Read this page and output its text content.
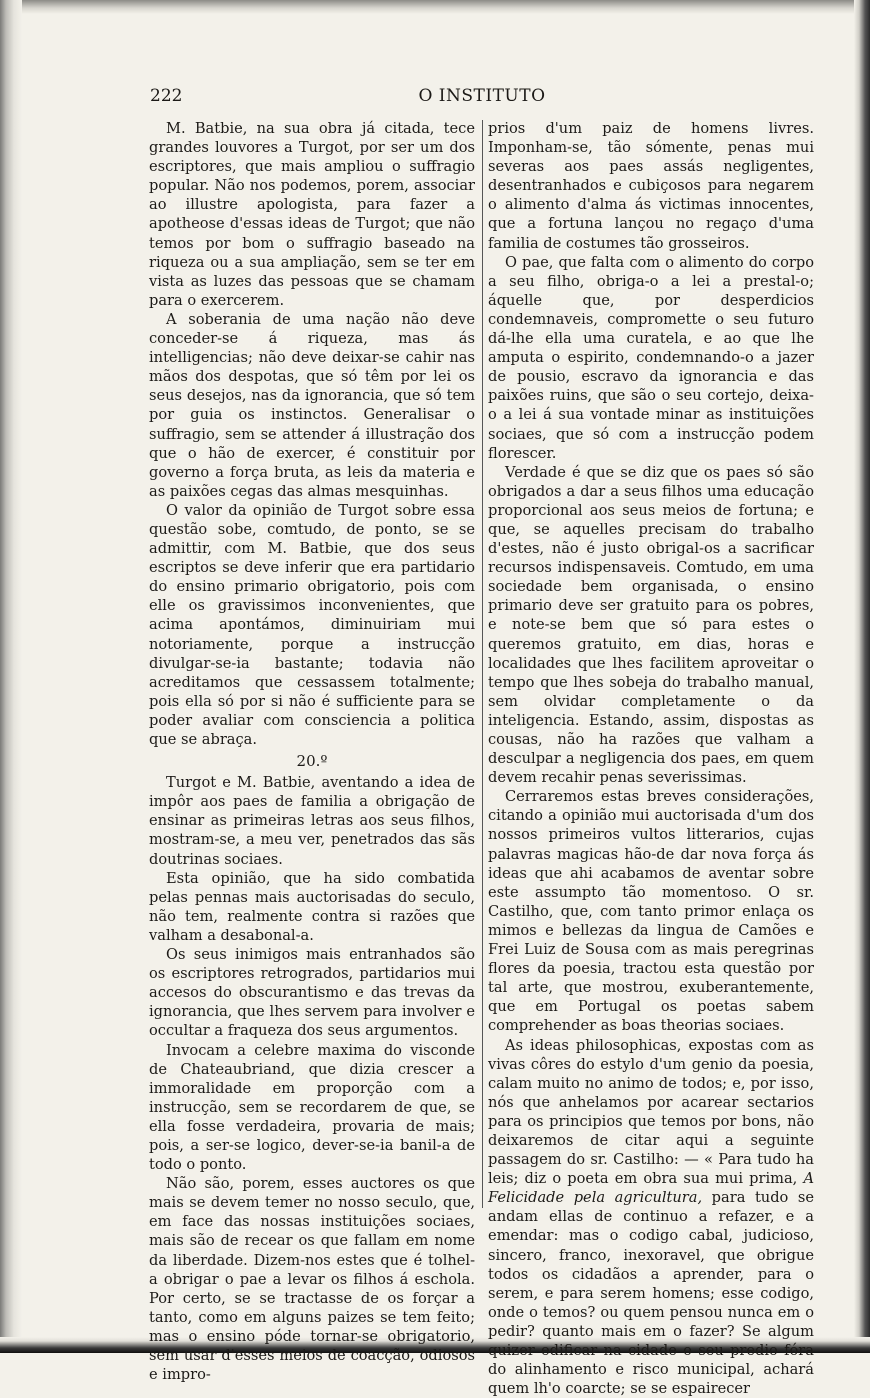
222	O INSTITUTO

M. Batbie, na sua obra já citada, tece grandes louvores a Turgot, por ser um dos escriptores, que mais ampliou o suffragio popular. Não nos podemos, porem, associar ao illustre apologista, para fazer a apotheose d'essas ideas de Turgot; que não temos por bom o suffragio baseado na riqueza ou a sua ampliação, sem se ter em vista as luzes das pessoas que se chamam para o exercerem.

A soberania de uma nação não deve conceder-se á riqueza, mas ás intelligencias; não deve deixar-se cahir nas mãos dos despotas, que só têm por lei os seus desejos, nas da ignorancia, que só tem por guia os instinctos. Generalisar o suffragio, sem se attender á illustração dos que o hão de exercer, é constituir por governo a força bruta, as leis da materia e as paixões cegas das almas mesquinhas.

O valor da opinião de Turgot sobre essa questão sobe, comtudo, de ponto, se se admittir, com M. Batbie, que dos seus escriptos se deve inferir que era partidario do ensino primario obrigatorio, pois com elle os gravissimos inconvenientes, que acima apontámos, diminuiriam mui notoriamente, porque a instrucção divulgar-se-ia bastante; todavia não acreditamos que cessassem totalmente; pois ella só por si não é sufficiente para se poder avaliar com consciencia a politica que se abraça.

20.º

Turgot e M. Batbie, aventando a idea de impôr aos paes de familia a obrigação de ensinar as primeiras letras aos seus filhos, mostram-se, a meu ver, penetrados das sãs doutrinas sociaes.

Esta opinião, que ha sido combatida pelas pennas mais auctorisadas do seculo, não tem, realmente contra si razões que valham a desabonal-a.

Os seus inimigos mais entranhados são os escriptores retrogrados, partidarios mui accesos do obscurantismo e das trevas da ignorancia, que lhes servem para involver e occultar a fraqueza dos seus argumentos.

Invocam a celebre maxima do visconde de Chateaubriand, que dizia crescer a immoralidade em proporção com a instrucção, sem se recordarem de que, se ella fosse verdadeira, provaria de mais; pois, a ser-se logico, dever-se-ia banil-a de todo o ponto.

Não são, porem, esses auctores os que mais se devem temer no nosso seculo, que, em face das nossas instituições sociaes, mais são de recear os que fallam em nome da liberdade. Dizem-nos estes que é tolhel-a obrigar o pae a levar os filhos á eschola. Por certo, se se tractasse de os forçar a tanto, como em alguns paizes se tem feito; mas o ensino póde tornar-se obrigatorio, sem usar d'esses meios de coacção, odiosos e impro-

prios d'um paiz de homens livres. Imponham-se, tão sómente, penas mui severas aos paes assás negligentes, desentranhados e cubiçosos para negarem o alimento d'alma ás victimas innocentes, que a fortuna lançou no regaço d'uma familia de costumes tão grosseiros.

O pae, que falta com o alimento do corpo a seu filho, obriga-o a lei a prestal-o; áquelle que, por desperdicios condemnaveis, compromette o seu futuro dá-lhe ella uma curatela, e ao que lhe amputa o espirito, condemnando-o a jazer de pousio, escravo da ignorancia e das paixões ruins, que são o seu cortejo, deixa-o a lei á sua vontade minar as instituições sociaes, que só com a instrucção podem florescer.

Verdade é que se diz que os paes só são obrigados a dar a seus filhos uma educação proporcional aos seus meios de fortuna; e que, se aquelles precisam do trabalho d'estes, não é justo obrigal-os a sacrificar recursos indispensaveis. Comtudo, em uma sociedade bem organisada, o ensino primario deve ser gratuito para os pobres, e note-se bem que só para estes o queremos gratuito, em dias, horas e localidades que lhes facilitem aproveitar o tempo que lhes sobeja do trabalho manual, sem olvidar completamente o da inteligencia. Estando, assim, dispostas as cousas, não ha razões que valham a desculpar a negligencia dos paes, em quem devem recahir penas severissimas.

Cerraremos estas breves considerações, citando a opinião mui auctorisada d'um dos nossos primeiros vultos litterarios, cujas palavras magicas hão-de dar nova força ás ideas que ahi acabamos de aventar sobre este assumpto tão momentoso. O sr. Castilho, que, com tanto primor enlaça os mimos e bellezas da lingua de Camões e Frei Luiz de Sousa com as mais peregrinas flores da poesia, tractou esta questão por tal arte, que mostrou, exuberantemente, que em Portugal os poetas sabem comprehender as boas theorias sociaes.

As ideas philosophicas, expostas com as vivas côres do estylo d'um genio da poesia, calam muito no animo de todos; e, por isso, nós que anhelamos por acarear sectarios para os principios que temos por bons, não deixaremos de citar aqui a seguinte passagem do sr. Castilho: — « Para tudo ha leis; diz o poeta em obra sua mui prima, A Felicidade pela agricultura, para tudo se andam ellas de continuo a refazer, e a emendar: mas o codigo cabal, judicioso, sincero, franco, inexoravel, que obrigue todos os cidadãos a aprender, para o serem, e para serem homens; esse codigo, onde o temos? ou quem pensou nunca em o pedir? quanto mais em o fazer? Se algum quizer edificar na cidade o seu predio fóra do alinhamento e risco municipal, achará quem lh'o coarcte; se se espairecer
